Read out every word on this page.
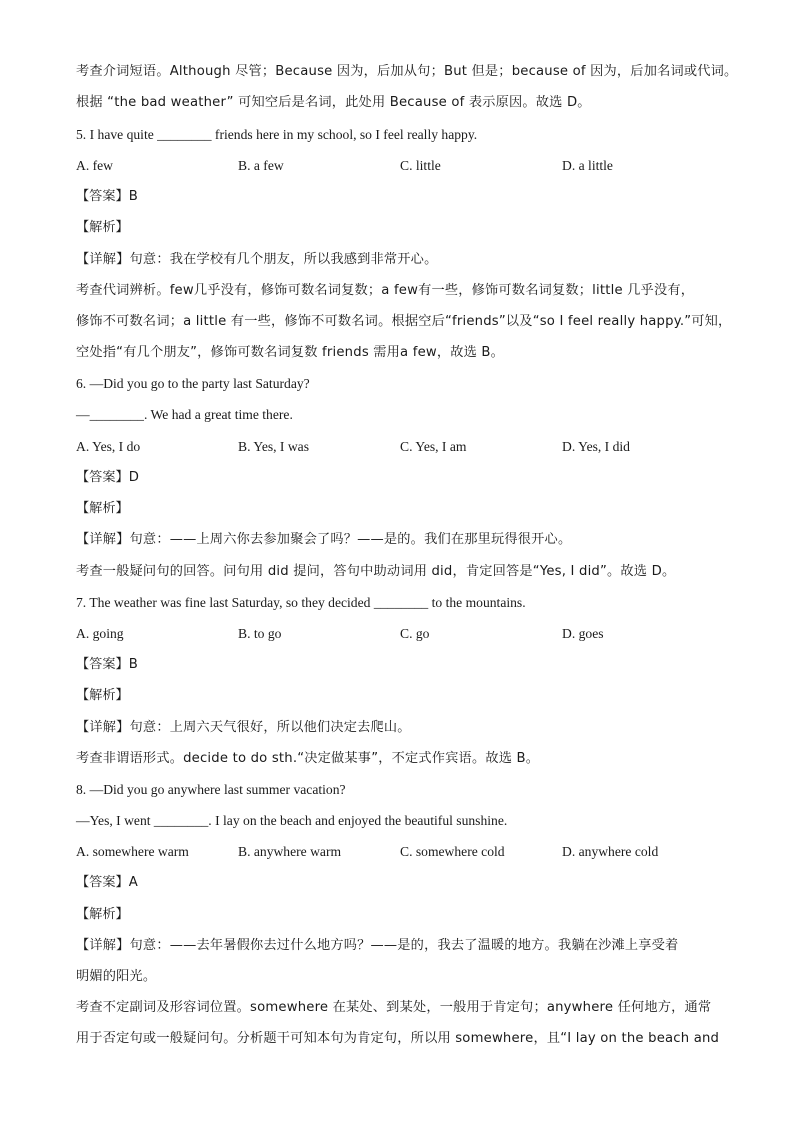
考查介词短语。Although 尽管；Because 因为，后加从句；But 但是；because of 因为，后加名词或代词。
根据 “the bad weather” 可知空后是名词，此处用 Because of 表示原因。故选 D。
5. I have quite ________ friends here in my school, so I feel really happy.
A. few	B. a few	C. little	D. a little
【答案】B
【解析】
【详解】句意：我在学校有几个朋友，所以我感到非常开心。
考查代词辨析。few几乎没有，修饰可数名词复数；a few有一些，修饰可数名词复数；little 几乎没有，
修饰不可数名词；a little 有一些，修饰不可数名词。根据空后“friends”以及“so I feel really happy.”可知，
空处指“有几个朋友”，修饰可数名词复数 friends 需用a few，故选 B。
6. —Did you go to the party last Saturday?
—________. We had a great time there.
A. Yes, I do	B. Yes, I was	C. Yes, I am	D. Yes, I did
【答案】D
【解析】
【详解】句意：——上周六你去参加聚会了吗？——是的。我们在那里玩得很开心。
考查一般疑问句的回答。问句用 did 提问，答句中助动词用 did，肯定回答是“Yes, I did”。故选 D。
7. The weather was fine last Saturday, so they decided ________ to the mountains.
A. going	B. to go	C. go	D. goes
【答案】B
【解析】
【详解】句意：上周六天气很好，所以他们决定去爬山。
考查非谓语形式。decide to do sth.“决定做某事”，不定式作宾语。故选 B。
8. —Did you go anywhere last summer vacation?
—Yes, I went ________. I lay on the beach and enjoyed the beautiful sunshine.
A. somewhere warm	B. anywhere warm	C. somewhere cold	D. anywhere cold
【答案】A
【解析】
【详解】句意：——去年暑假你去过什么地方吗？——是的，我去了温暖的地方。我躺在沙滩上享受着
明媚的阳光。
考查不定副词及形容词位置。somewhere 在某处、到某处，一般用于肯定句；anywhere 任何地方，通常
用于否定句或一般疑问句。分析题干可知本句为肯定句，所以用 somewhere，且“I lay on the beach and
